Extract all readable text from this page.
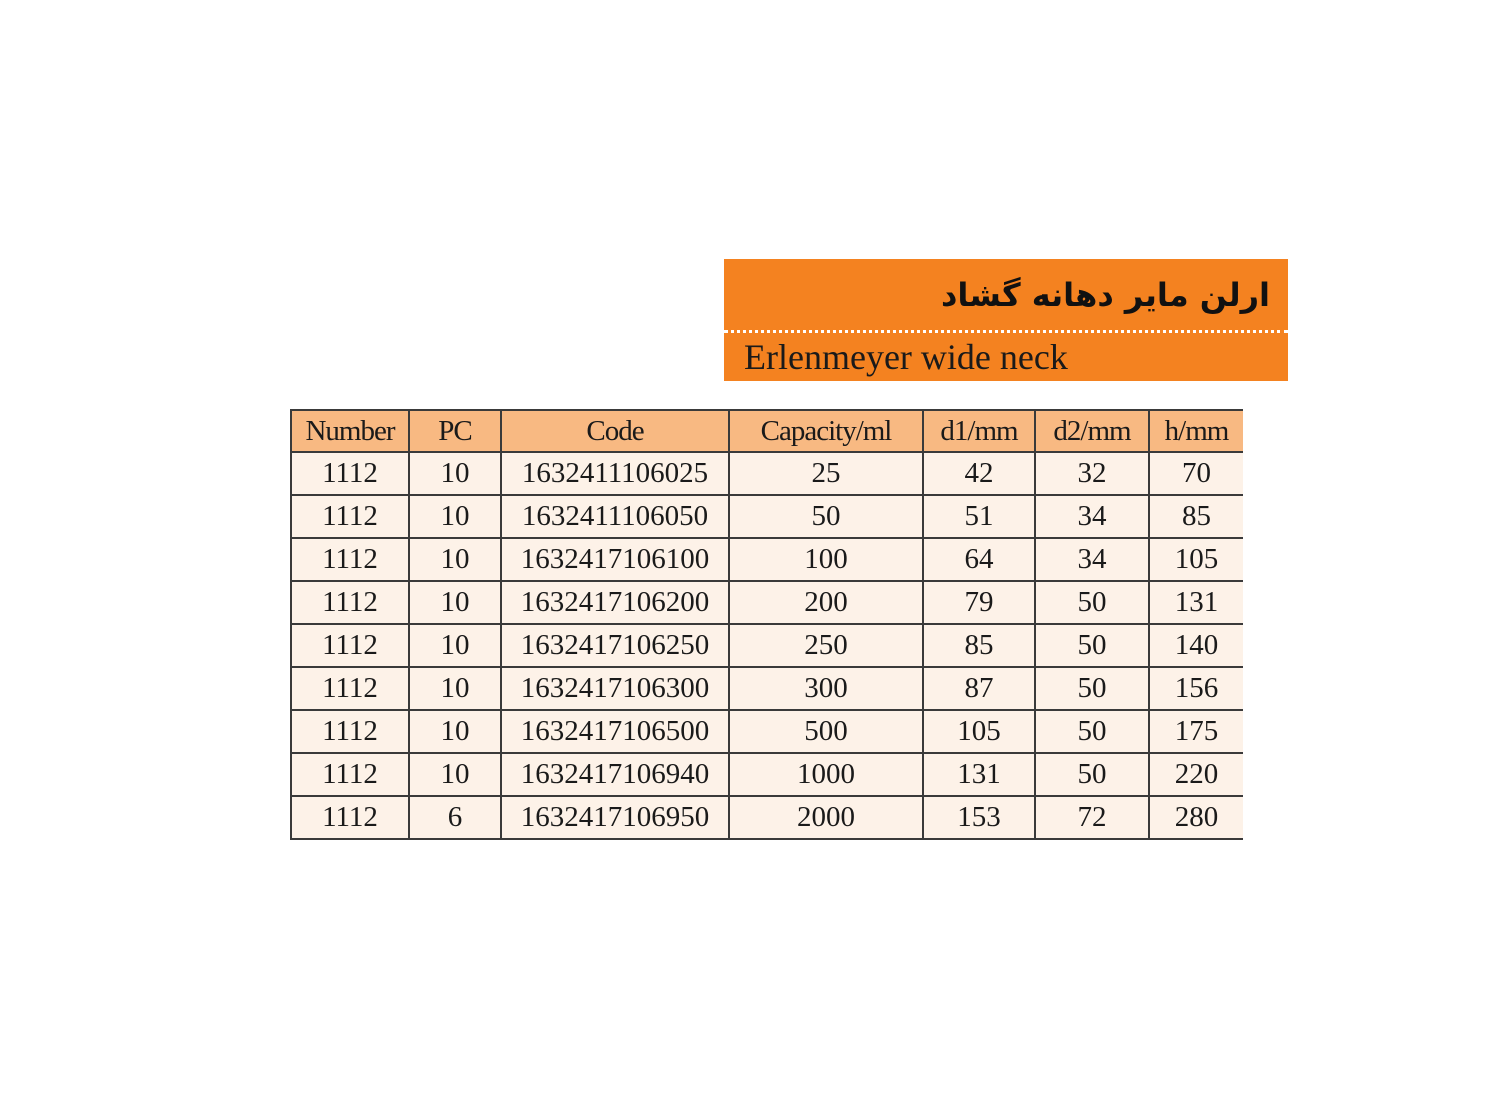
ارلن مایر دهانه گشاد
Erlenmeyer wide neck
Number	PC	Code	Capacity/ml	d1/mm	d2/mm	h/mm
1112	10	1632411106025	25	42	32	70
1112	10	1632411106050	50	51	34	85
1112	10	1632417106100	100	64	34	105
1112	10	1632417106200	200	79	50	131
1112	10	1632417106250	250	85	50	140
1112	10	1632417106300	300	87	50	156
1112	10	1632417106500	500	105	50	175
1112	10	1632417106940	1000	131	50	220
1112	6	1632417106950	2000	153	72	280
